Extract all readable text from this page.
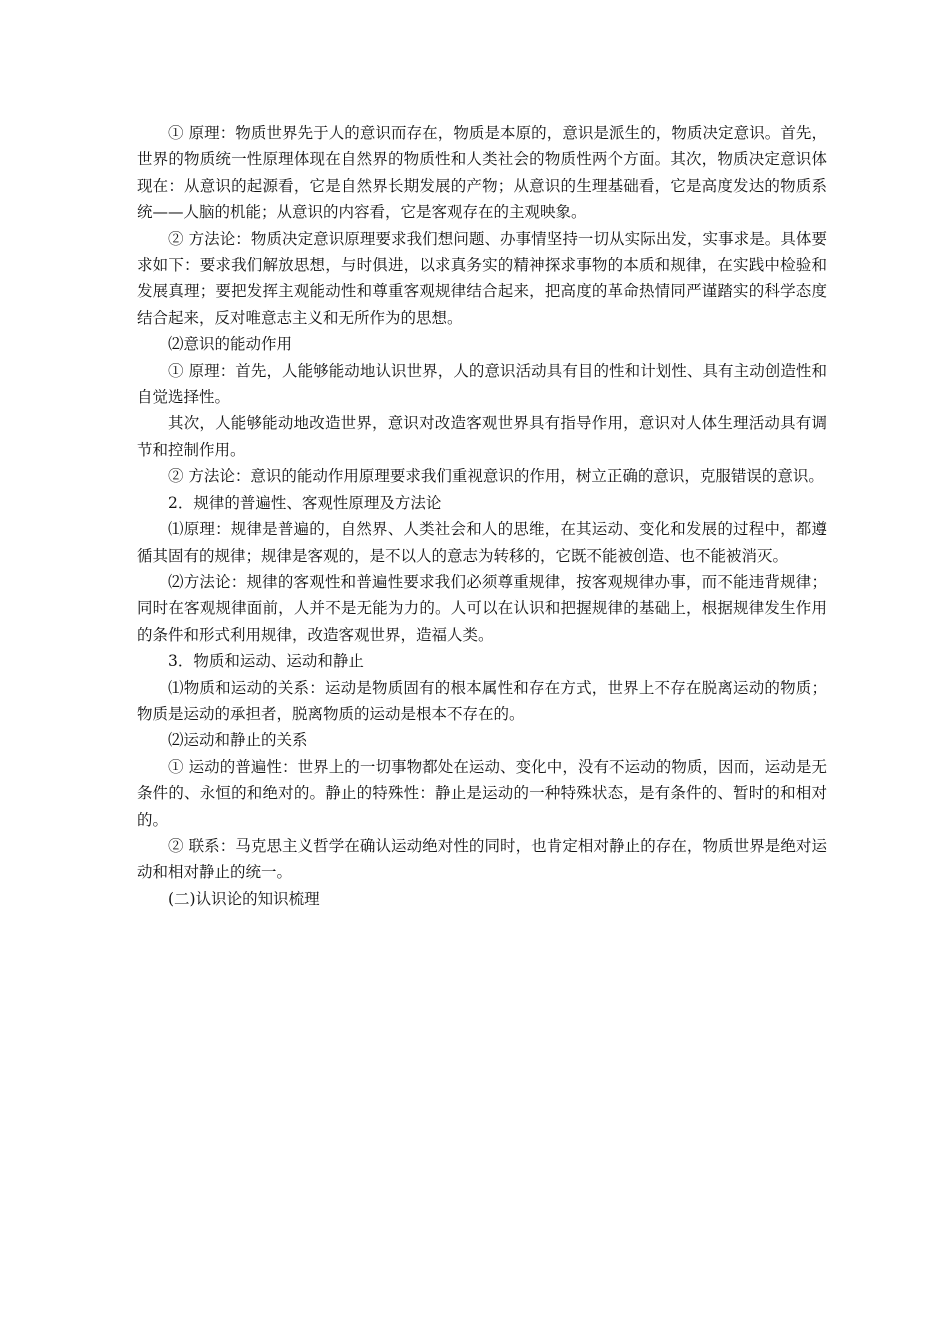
① 原理：物质世界先于人的意识而存在，物质是本原的，意识是派生的，物质决定意识。首先，世界的物质统一性原理体现在自然界的物质性和人类社会的物质性两个方面。其次，物质决定意识体现在：从意识的起源看，它是自然界长期发展的产物；从意识的生理基础看，它是高度发达的物质系统——人脑的机能；从意识的内容看，它是客观存在的主观映象。

② 方法论：物质决定意识原理要求我们想问题、办事情坚持一切从实际出发，实事求是。具体要求如下：要求我们解放思想，与时俱进，以求真务实的精神探求事物的本质和规律，在实践中检验和发展真理；要把发挥主观能动性和尊重客观规律结合起来，把高度的革命热情同严谨踏实的科学态度结合起来，反对唯意志主义和无所作为的思想。

⑵意识的能动作用

① 原理：首先，人能够能动地认识世界，人的意识活动具有目的性和计划性、具有主动创造性和自觉选择性。

其次，人能够能动地改造世界，意识对改造客观世界具有指导作用，意识对人体生理活动具有调节和控制作用。

② 方法论：意识的能动作用原理要求我们重视意识的作用，树立正确的意识，克服错误的意识。

2．规律的普遍性、客观性原理及方法论

⑴原理：规律是普遍的，自然界、人类社会和人的思维，在其运动、变化和发展的过程中，都遵循其固有的规律；规律是客观的，是不以人的意志为转移的，它既不能被创造、也不能被消灭。

⑵方法论：规律的客观性和普遍性要求我们必须尊重规律，按客观规律办事，而不能违背规律；同时在客观规律面前，人并不是无能为力的。人可以在认识和把握规律的基础上，根据规律发生作用的条件和形式利用规律，改造客观世界，造福人类。

3．物质和运动、运动和静止

⑴物质和运动的关系：运动是物质固有的根本属性和存在方式，世界上不存在脱离运动的物质；物质是运动的承担者，脱离物质的运动是根本不存在的。

⑵运动和静止的关系

① 运动的普遍性：世界上的一切事物都处在运动、变化中，没有不运动的物质，因而，运动是无条件的、永恒的和绝对的。静止的特殊性：静止是运动的一种特殊状态，是有条件的、暂时的和相对的。

② 联系：马克思主义哲学在确认运动绝对性的同时，也肯定相对静止的存在，物质世界是绝对运动和相对静止的统一。

(二)认识论的知识梳理
